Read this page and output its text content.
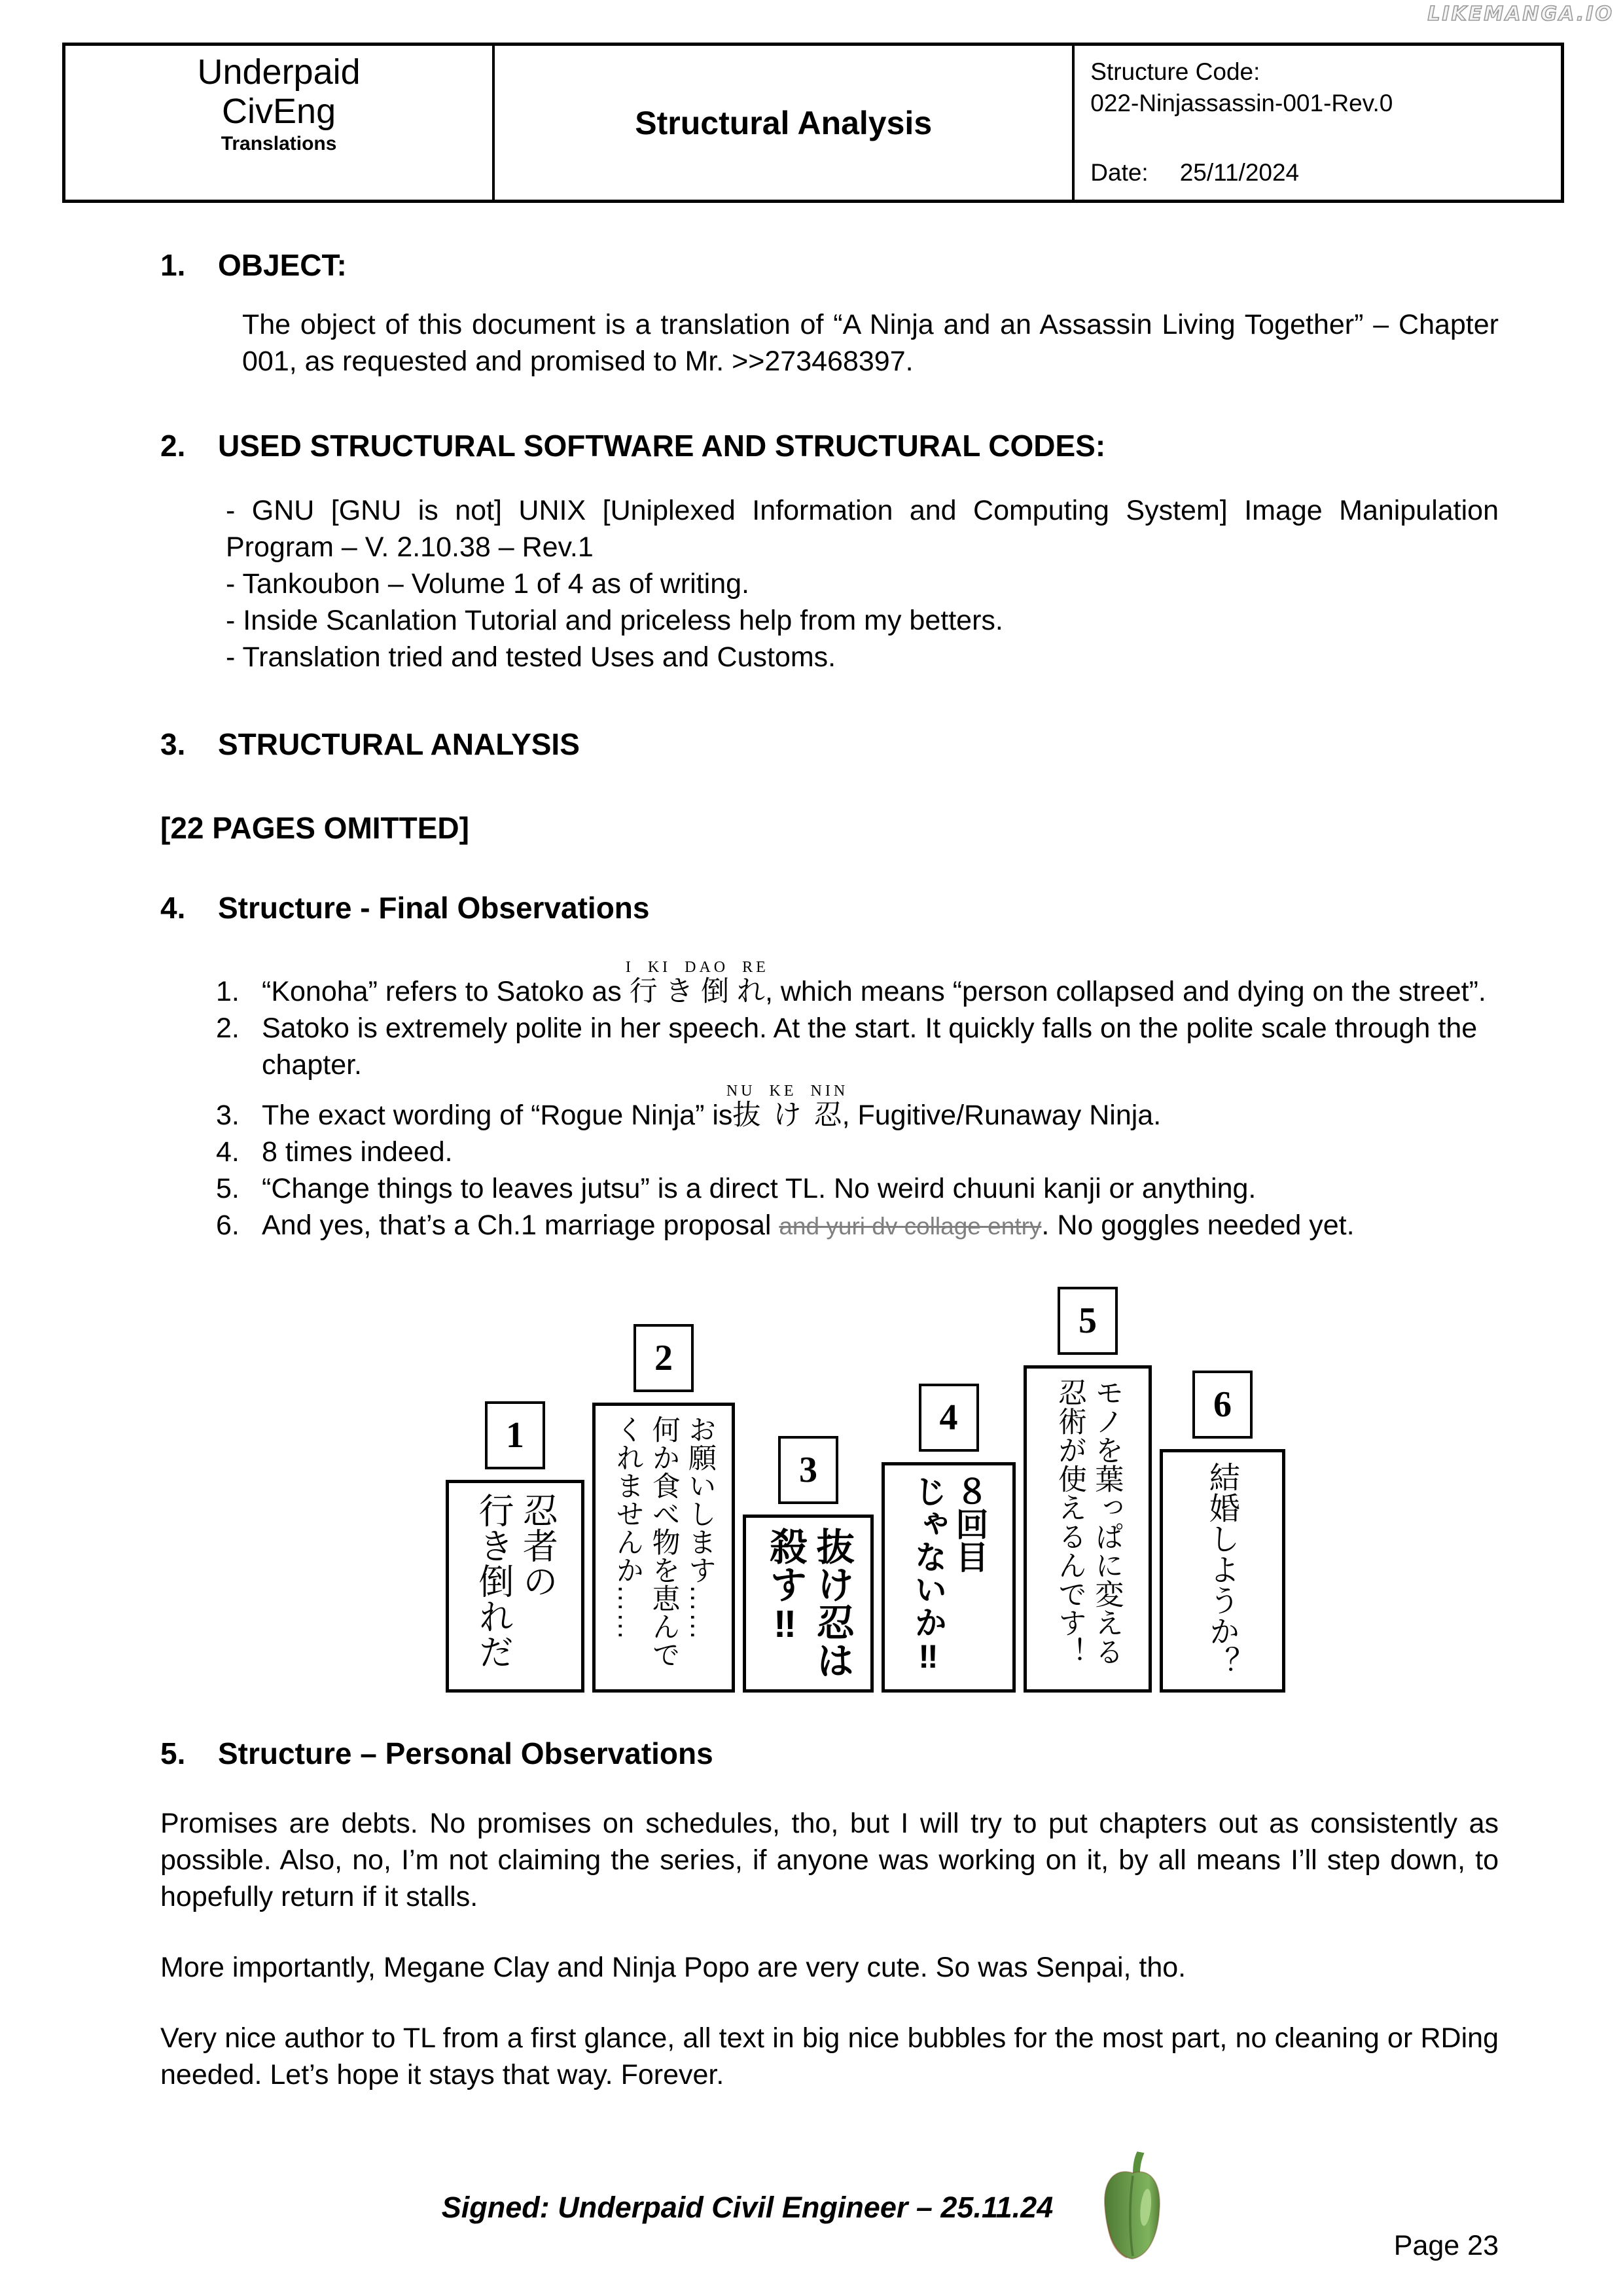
LIKEMANGA.IO
Underpaid
CivEng
Translations
Structural Analysis
Structure Code:
022-Ninjassassin-001-Rev.0
Date: 25/11/2024
1. OBJECT:
The object of this document is a translation of “A Ninja and an Assassin Living Together” – Chapter 001, as requested and promised to Mr. >>273468397.
2. USED STRUCTURAL SOFTWARE AND STRUCTURAL CODES:
- GNU [GNU is not] UNIX [Uniplexed Information and Computing System] Image Manipulation Program – V. 2.10.38 – Rev.1
- Tankoubon – Volume 1 of 4 as of writing.
- Inside Scanlation Tutorial and priceless help from my betters.
- Translation tried and tested Uses and Customs.
3. STRUCTURAL ANALYSIS
[22 PAGES OMITTED]
4. Structure - Final Observations
1. “Konoha” refers to Satoko as 行き倒れI KI DAO RE, which means “person collapsed and dying on the street”.
2. Satoko is extremely polite in her speech. At the start. It quickly falls on the polite scale through the chapter.
3. The exact wording of “Rogue Ninja” is抜け忍NU KE NIN, Fugitive/Runaway Ninja.
4. 8 times indeed.
5. “Change things to leaves jutsu” is a direct TL. No weird chuuni kanji or anything.
6. And yes, that’s a Ch.1 marriage proposal and yuri dv collage entry. No goggles needed yet.
1
忍者の
行き倒れだ
2
お願いします……
何か食べ物を恵んで
くれませんか……	3
抜け忍は
殺す‼
4
８回目
じゃないか‼
5
モノを葉っぱに変える
忍術が使えるんです！	6
結婚しようか？
5. Structure – Personal Observations
Promises are debts. No promises on schedules, tho, but I will try to put chapters out as consistently as possible. Also, no, I’m not claiming the series, if anyone was working on it, by all means I’ll step down, to hopefully return if it stalls.
More importantly, Megane Clay and Ninja Popo are very cute. So was Senpai, tho.
Very nice author to TL from a first glance, all text in big nice bubbles for the most part, no cleaning or RDing needed. Let’s hope it stays that way. Forever.
Signed: Underpaid Civil Engineer – 25.11.24
Page 23
